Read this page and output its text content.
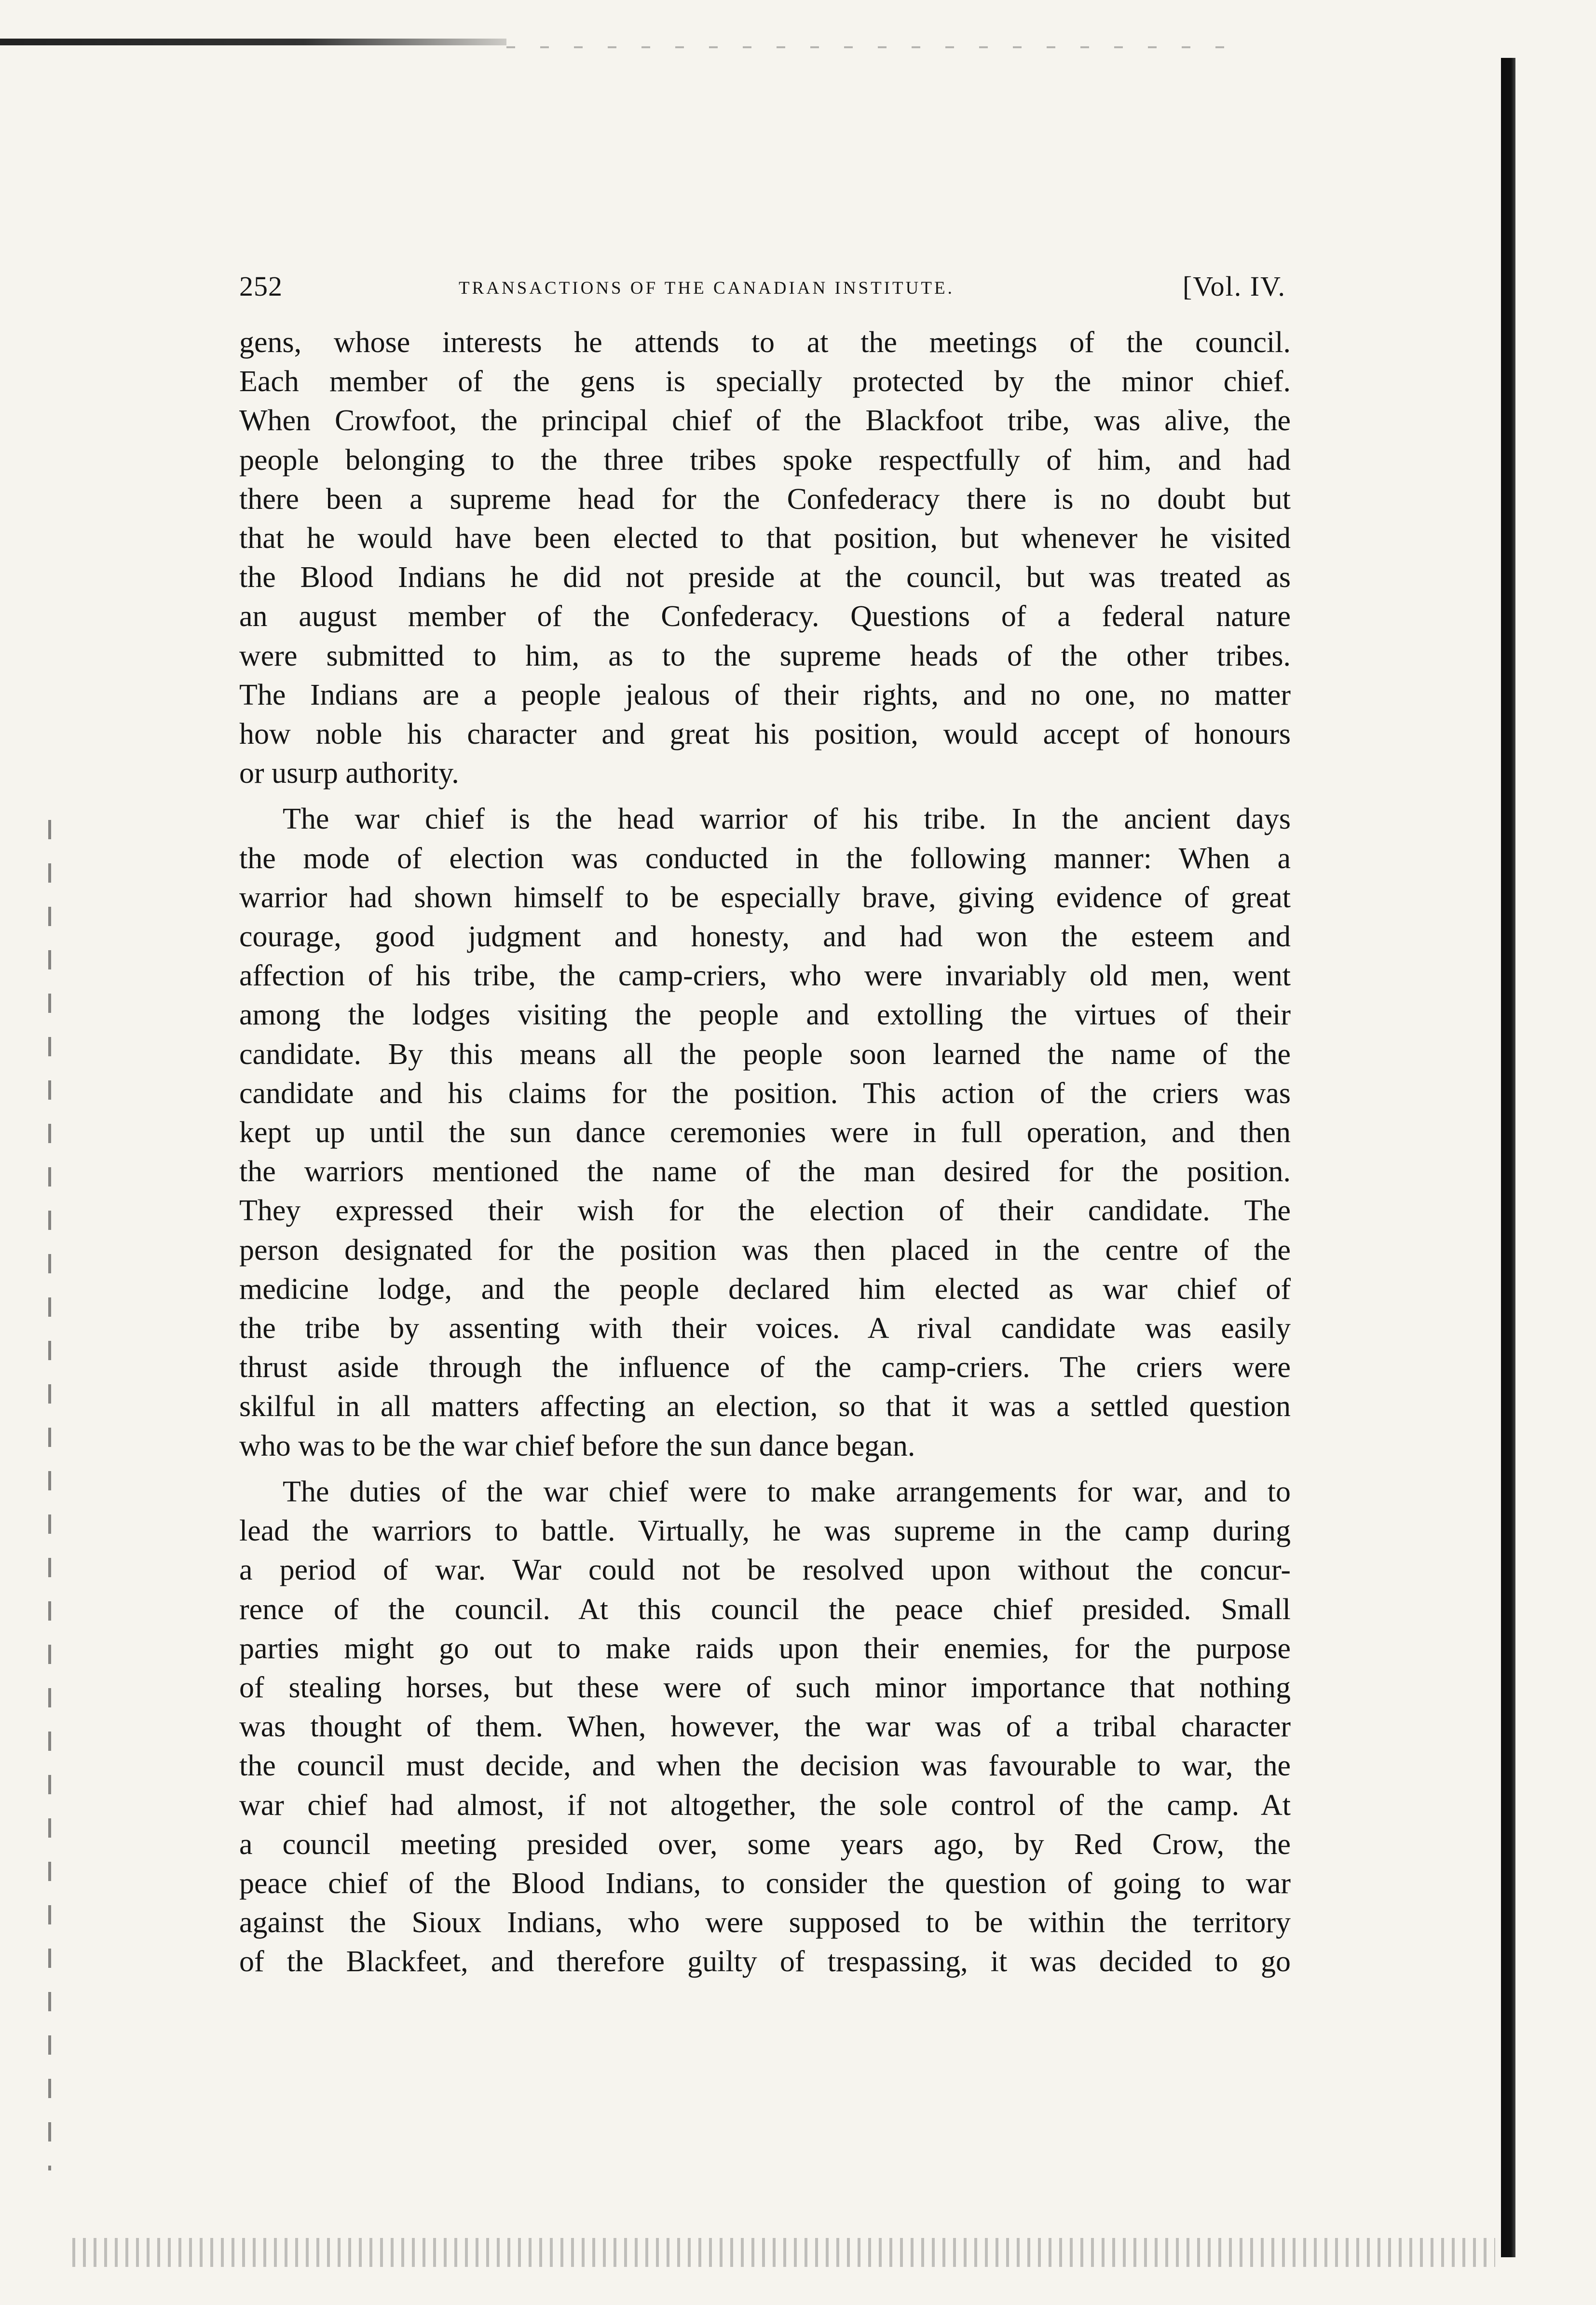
252	TRANSACTIONS OF THE CANADIAN INSTITUTE.	[Vol. IV.
gens, whose interests he attends to at the meetings of the council.
Each member of the gens is specially protected by the minor chief.
When Crowfoot, the principal chief of the Blackfoot tribe, was alive, the
people belonging to the three tribes spoke respectfully of him, and had
there been a supreme head for the Confederacy there is no doubt but
that he would have been elected to that position, but whenever he visited
the Blood Indians he did not preside at the council, but was treated as
an august member of the Confederacy. Questions of a federal nature
were submitted to him, as to the supreme heads of the other tribes.
The Indians are a people jealous of their rights, and no one, no matter
how noble his character and great his position, would accept of honours
or usurp authority.
The war chief is the head warrior of his tribe. In the ancient days
the mode of election was conducted in the following manner: When a
warrior had shown himself to be especially brave, giving evidence of great
courage, good judgment and honesty, and had won the esteem and
affection of his tribe, the camp-criers, who were invariably old men, went
among the lodges visiting the people and extolling the virtues of their
candidate. By this means all the people soon learned the name of the
candidate and his claims for the position. This action of the criers was
kept up until the sun dance ceremonies were in full operation, and then
the warriors mentioned the name of the man desired for the position.
They expressed their wish for the election of their candidate. The
person designated for the position was then placed in the centre of the
medicine lodge, and the people declared him elected as war chief of
the tribe by assenting with their voices. A rival candidate was easily
thrust aside through the influence of the camp-criers. The criers were
skilful in all matters affecting an election, so that it was a settled question
who was to be the war chief before the sun dance began.
The duties of the war chief were to make arrangements for war, and to
lead the warriors to battle. Virtually, he was supreme in the camp during
a period of war. War could not be resolved upon without the concur-
rence of the council. At this council the peace chief presided. Small
parties might go out to make raids upon their enemies, for the purpose
of stealing horses, but these were of such minor importance that nothing
was thought of them. When, however, the war was of a tribal character
the council must decide, and when the decision was favourable to war, the
war chief had almost, if not altogether, the sole control of the camp. At
a council meeting presided over, some years ago, by Red Crow, the
peace chief of the Blood Indians, to consider the question of going to war
against the Sioux Indians, who were supposed to be within the territory
of the Blackfeet, and therefore guilty of trespassing, it was decided to go
